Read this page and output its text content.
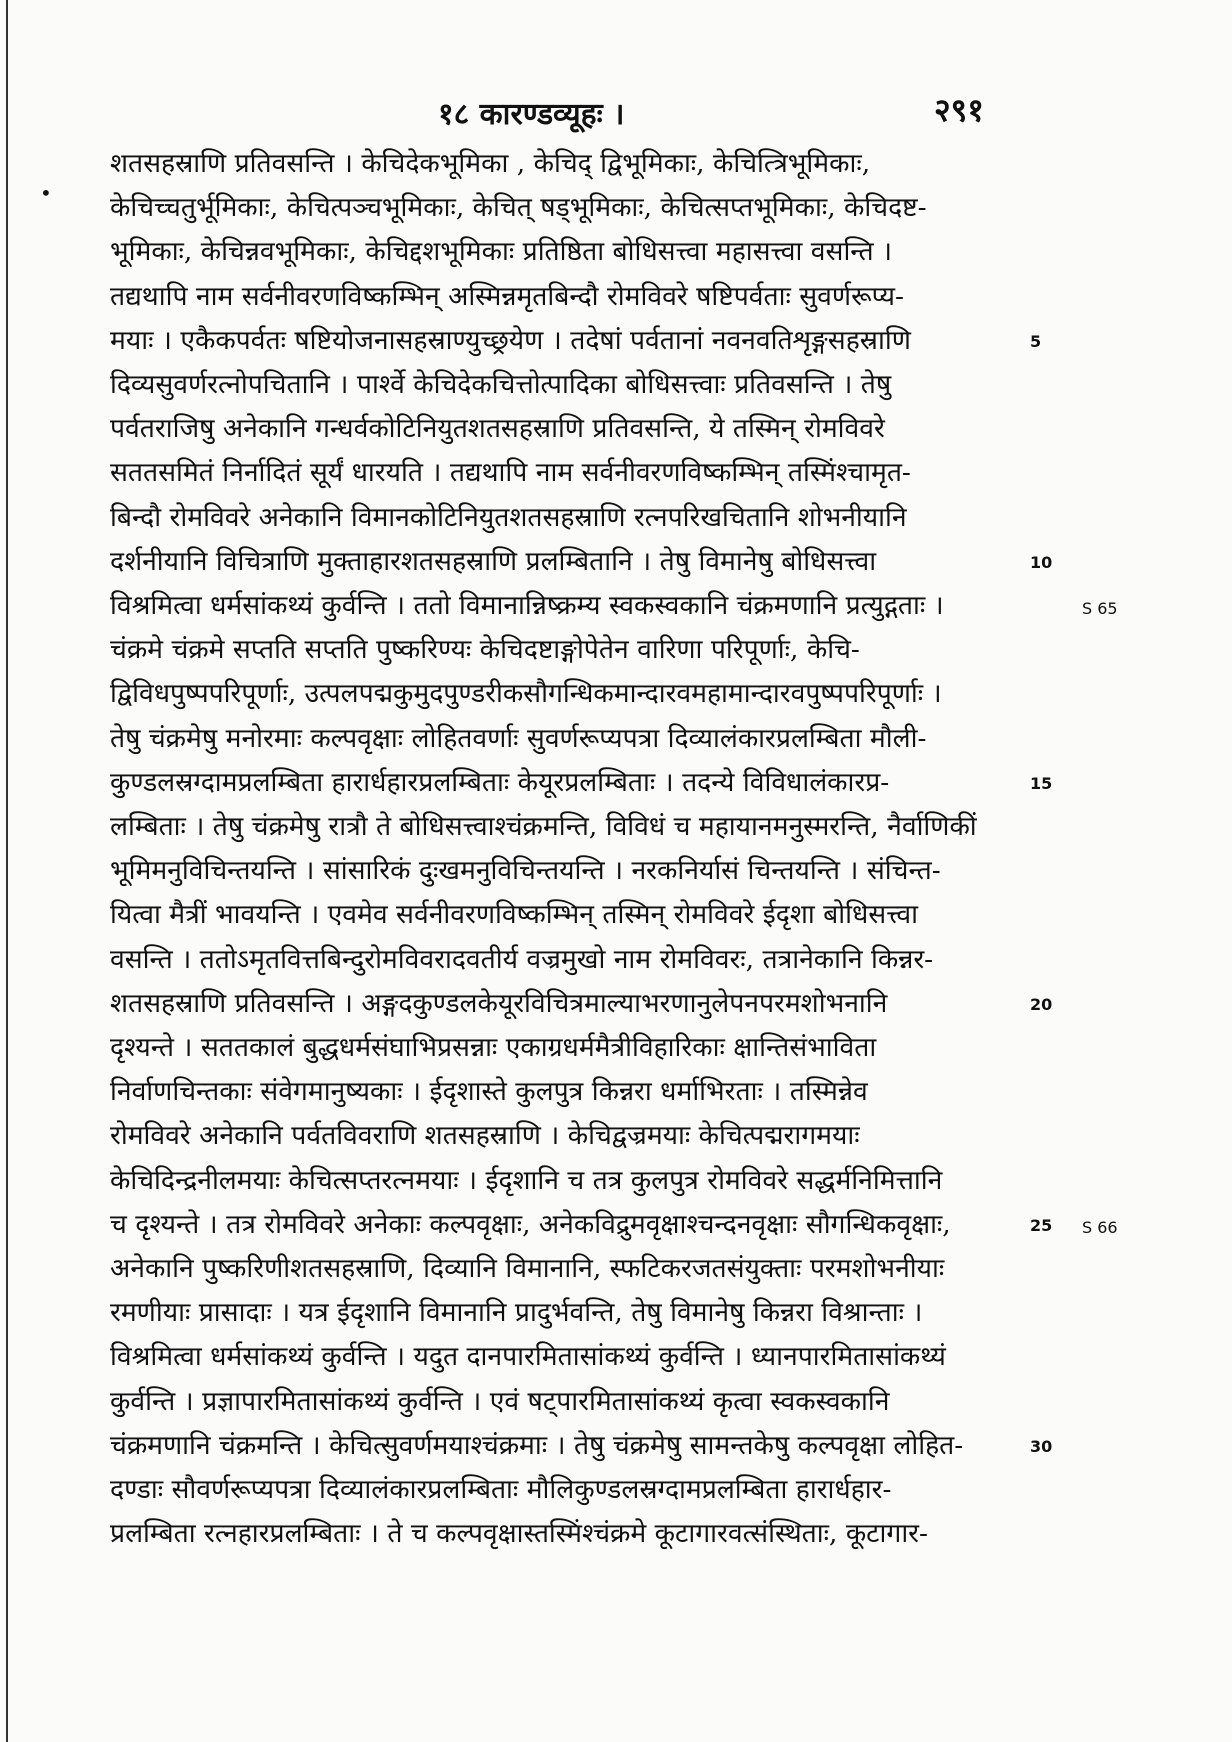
१८ कारण्डव्यूहः ।	२९१
•
शतसहस्राणि प्रतिवसन्ति । केचिदेकभूमिका , केचिद् द्विभूमिकाः, केचित्त्रिभूमिकाः,
केचिच्चतुर्भूमिकाः, केचित्पञ्चभूमिकाः, केचित् षड्भूमिकाः, केचित्सप्तभूमिकाः, केचिदष्ट-
भूमिकाः, केचिन्नवभूमिकाः, केचिद्दशभूमिकाः प्रतिष्ठिता बोधिसत्त्वा महासत्त्वा वसन्ति ।
तद्यथापि नाम सर्वनीवरणविष्कम्भिन् अस्मिन्नमृतबिन्दौ रोमविवरे षष्टिपर्वताः सुवर्णरूप्य-
मयाः । एकैकपर्वतः षष्टियोजनासहस्राण्युच्छ्रयेण । तदेषां पर्वतानां नवनवतिशृङ्गसहस्राणि
दिव्यसुवर्णरत्नोपचितानि । पार्श्वे केचिदेकचित्तोत्पादिका बोधिसत्त्वाः प्रतिवसन्ति । तेषु
पर्वतराजिषु अनेकानि गन्धर्वकोटिनियुतशतसहस्राणि प्रतिवसन्ति, ये तस्मिन् रोमविवरे
सततसमितं निर्नादितं सूर्यं धारयति । तद्यथापि नाम सर्वनीवरणविष्कम्भिन् तस्मिंश्चामृत-
बिन्दौ रोमविवरे अनेकानि विमानकोटिनियुतशतसहस्राणि रत्नपरिखचितानि शोभनीयानि
दर्शनीयानि विचित्राणि मुक्ताहारशतसहस्राणि प्रलम्बितानि । तेषु विमानेषु बोधिसत्त्वा
विश्रमित्वा धर्मसांकथ्यं कुर्वन्ति । ततो विमानान्निष्क्रम्य स्वकस्वकानि चंक्रमणानि प्रत्युद्गताः ।
चंक्रमे चंक्रमे सप्तति सप्तति पुष्करिण्यः केचिदष्टाङ्गोपेतेन वारिणा परिपूर्णाः, केचि-
द्विविधपुष्पपरिपूर्णाः, उत्पलपद्मकुमुदपुण्डरीकसौगन्धिकमान्दारवमहामान्दारवपुष्पपरिपूर्णाः ।
तेषु चंक्रमेषु मनोरमाः कल्पवृक्षाः लोहितवर्णाः सुवर्णरूप्यपत्रा दिव्यालंकारप्रलम्बिता मौली-
कुण्डलस्रग्दामप्रलम्बिता हारार्धहारप्रलम्बिताः केयूरप्रलम्बिताः । तदन्ये विविधालंकारप्र-
लम्बिताः । तेषु चंक्रमेषु रात्रौ ते बोधिसत्त्वाश्चंक्रमन्ति, विविधं च महायानमनुस्मरन्ति, नैर्वाणिकीं
भूमिमनुविचिन्तयन्ति । सांसारिकं दुःखमनुविचिन्तयन्ति । नरकनिर्यासं चिन्तयन्ति । संचिन्त-
यित्वा मैत्रीं भावयन्ति । एवमेव सर्वनीवरणविष्कम्भिन् तस्मिन् रोमविवरे ईदृशा बोधिसत्त्वा
वसन्ति । ततोऽमृतवित्तबिन्दुरोमविवरादवतीर्य वज्रमुखो नाम रोमविवरः, तत्रानेकानि किन्नर-
शतसहस्राणि प्रतिवसन्ति । अङ्गदकुण्डलकेयूरविचित्रमाल्याभरणानुलेपनपरमशोभनानि
दृश्यन्ते । सततकालं बुद्धधर्मसंघाभिप्रसन्नाः एकाग्रधर्ममैत्रीविहारिकाः क्षान्तिसंभाविता
निर्वाणचिन्तकाः संवेगमानुष्यकाः । ईदृशास्ते कुलपुत्र किन्नरा धर्माभिरताः । तस्मिन्नेव
रोमविवरे अनेकानि पर्वतविवराणि शतसहस्राणि । केचिद्वज्रमयाः केचित्पद्मरागमयाः
केचिदिन्द्रनीलमयाः केचित्सप्तरत्नमयाः । ईदृशानि च तत्र कुलपुत्र रोमविवरे सद्धर्मनिमित्तानि
च दृश्यन्ते । तत्र रोमविवरे अनेकाः कल्पवृक्षाः, अनेकविद्रुमवृक्षाश्चन्दनवृक्षाः सौगन्धिकवृक्षाः,
अनेकानि पुष्करिणीशतसहस्राणि, दिव्यानि विमानानि, स्फटिकरजतसंयुक्ताः परमशोभनीयाः
रमणीयाः प्रासादाः । यत्र ईदृशानि विमानानि प्रादुर्भवन्ति, तेषु विमानेषु किन्नरा विश्रान्ताः ।
विश्रमित्वा धर्मसांकथ्यं कुर्वन्ति । यदुत दानपारमितासांकथ्यं कुर्वन्ति । ध्यानपारमितासांकथ्यं
कुर्वन्ति । प्रज्ञापारमितासांकथ्यं कुर्वन्ति । एवं षट्पारमितासांकथ्यं कृत्वा स्वकस्वकानि
चंक्रमणानि चंक्रमन्ति । केचित्सुवर्णमयाश्चंक्रमाः । तेषु चंक्रमेषु सामन्तकेषु कल्पवृक्षा लोहित-
दण्डाः सौवर्णरूप्यपत्रा दिव्यालंकारप्रलम्बिताः मौलिकुण्डलस्रग्दामप्रलम्बिता हारार्धहार-
प्रलम्बिता रत्नहारप्रलम्बिताः । ते च कल्पवृक्षास्तस्मिंश्चंक्रमे कूटागारवत्संस्थिताः, कूटागार-
5
10
15
20
25
30
S 65
S 66
